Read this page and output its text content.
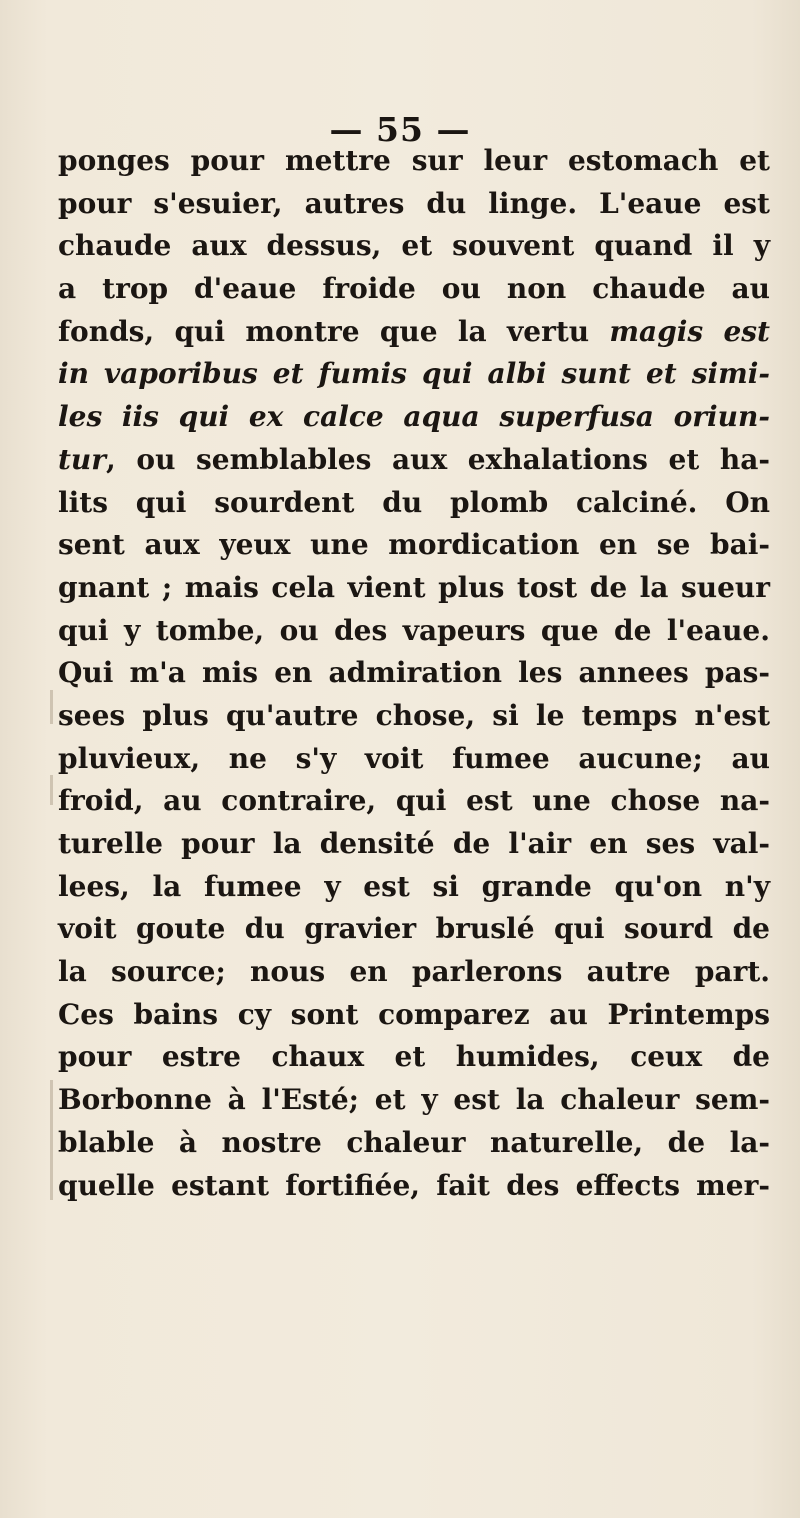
— 55 —
ponges pour mettre sur leur estomach et
pour s'esuier, autres du linge. L'eaue est
chaude aux dessus, et souvent quand il y
a trop d'eaue froide ou non chaude au
fonds, qui montre que la vertu magis est
in vaporibus et fumis qui albi sunt et simi-
les iis qui ex calce aqua superfusa oriun-
tur, ou semblables aux exhalations et ha-
lits qui sourdent du plomb calciné. On
sent aux yeux une mordication en se bai-
gnant ; mais cela vient plus tost de la sueur
qui y tombe, ou des vapeurs que de l'eaue.
Qui m'a mis en admiration les annees pas-
sees plus qu'autre chose, si le temps n'est
pluvieux, ne s'y voit fumee aucune; au
froid, au contraire, qui est une chose na-
turelle pour la densité de l'air en ses val-
lees, la fumee y est si grande qu'on n'y
voit goute du gravier bruslé qui sourd de
la source; nous en parlerons autre part.
Ces bains cy sont comparez au Printemps
pour estre chaux et humides, ceux de
Borbonne à l'Esté; et y est la chaleur sem-
blable à nostre chaleur naturelle, de la-
quelle estant fortifiée, fait des effects mer-
